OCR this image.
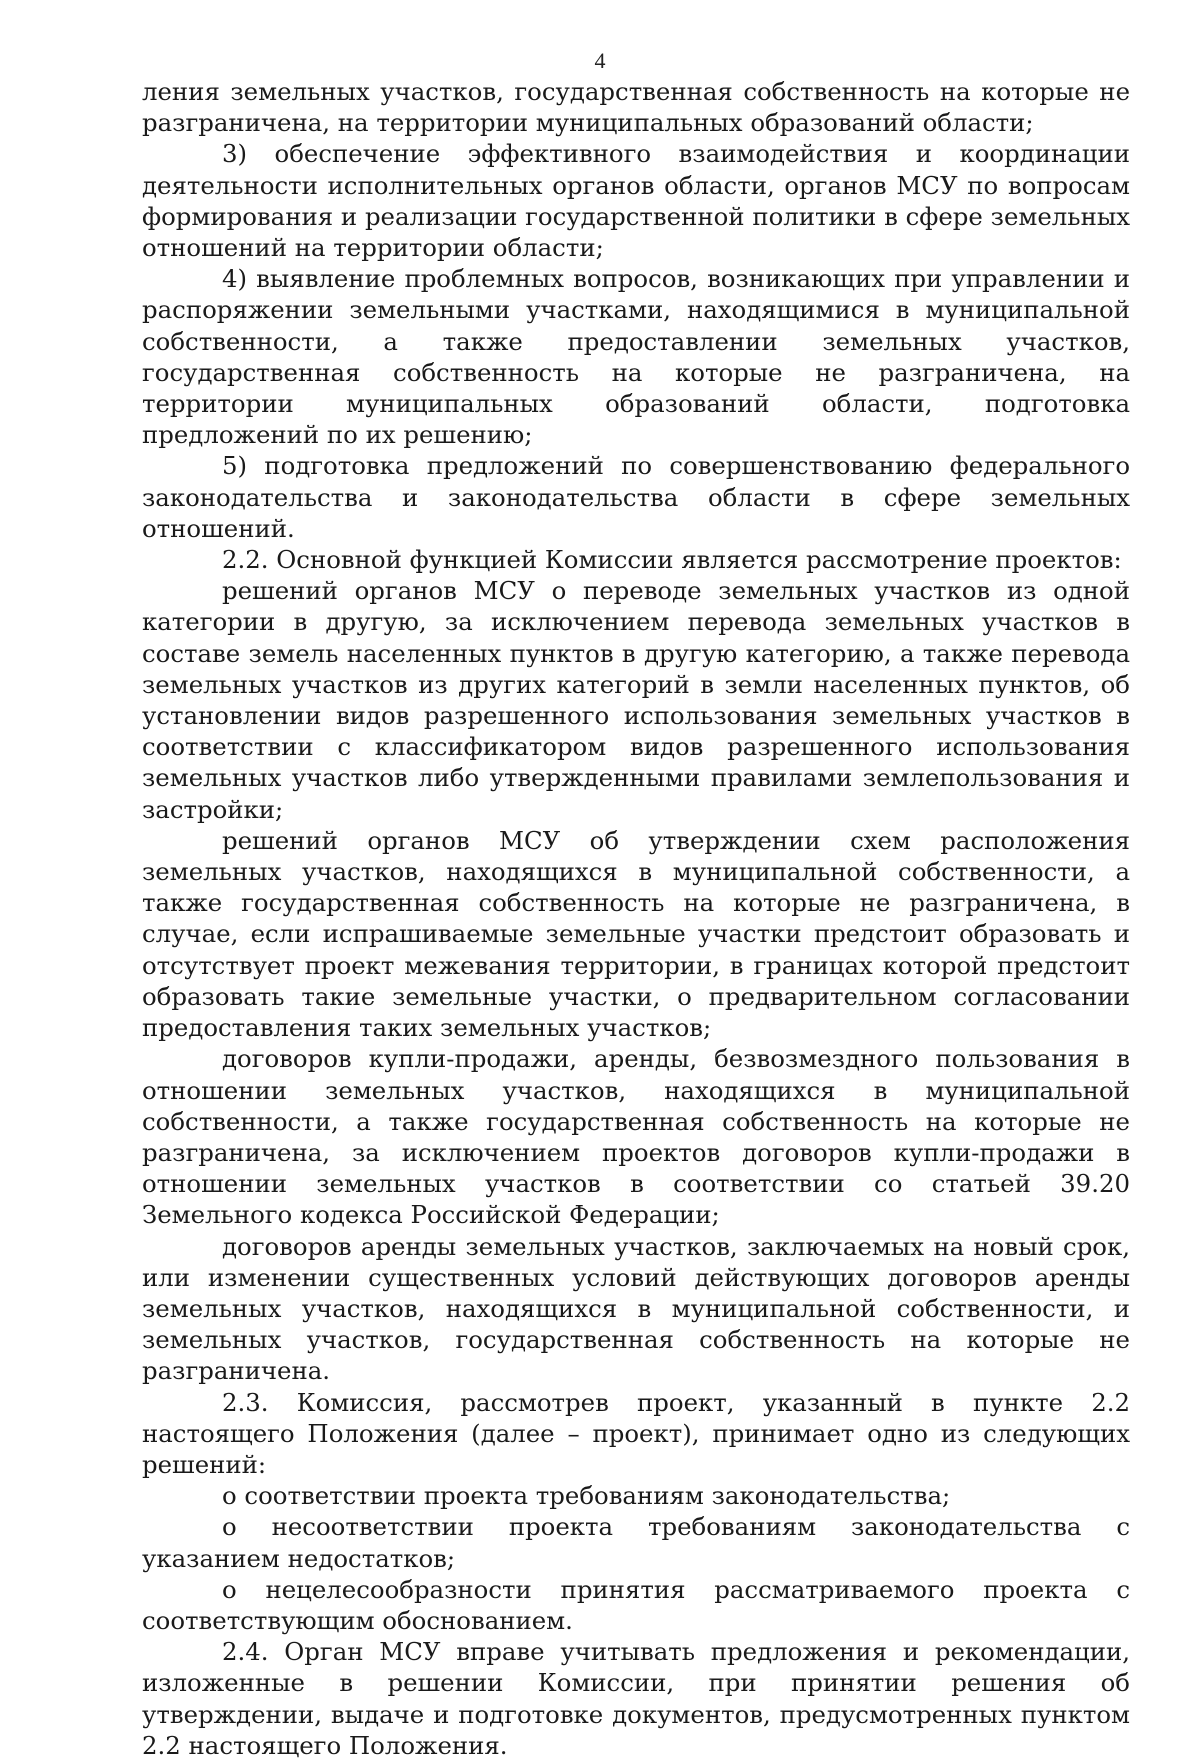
4

ления земельных участков, государственная собственность на которые не разграничена, на территории муниципальных образований области;

3) обеспечение эффективного взаимодействия и координации деятельности исполнительных органов области, органов МСУ по вопросам формирования и реализации государственной политики в сфере земельных отношений на территории области;

4) выявление проблемных вопросов, возникающих при управлении и распоряжении земельными участками, находящимися в муниципальной собственности, а также предоставлении земельных участков, государственная собственность на которые не разграничена, на территории муниципальных образований области, подготовка предложений по их решению;

5) подготовка предложений по совершенствованию федерального законодательства и законодательства области в сфере земельных отношений.

2.2. Основной функцией Комиссии является рассмотрение проектов:

решений органов МСУ о переводе земельных участков из одной категории в другую, за исключением перевода земельных участков в составе земель населенных пунктов в другую категорию, а также перевода земельных участков из других категорий в земли населенных пунктов, об установлении видов разрешенного использования земельных участков в соответствии с классификатором видов разрешенного использования земельных участков либо утвержденными правилами землепользования и застройки;

решений органов МСУ об утверждении схем расположения земельных участков, находящихся в муниципальной собственности, а также государственная собственность на которые не разграничена, в случае, если испрашиваемые земельные участки предстоит образовать и отсутствует проект межевания территории, в границах которой предстоит образовать такие земельные участки, о предварительном согласовании предоставления таких земельных участков;

договоров купли-продажи, аренды, безвозмездного пользования в отношении земельных участков, находящихся в муниципальной собственности, а также государственная собственность на которые не разграничена, за исключением проектов договоров купли-продажи в отношении земельных участков в соответствии со статьей 39.20 Земельного кодекса Российской Федерации;

договоров аренды земельных участков, заключаемых на новый срок, или изменении существенных условий действующих договоров аренды земельных участков, находящихся в муниципальной собственности, и земельных участков, государственная собственность на которые не разграничена.

2.3. Комиссия, рассмотрев проект, указанный в пункте 2.2 настоящего Положения (далее – проект), принимает одно из следующих решений:

о соответствии проекта требованиям законодательства;

о несоответствии проекта требованиям законодательства с указанием недостатков;

о нецелесообразности принятия рассматриваемого проекта с соответствующим обоснованием.

2.4. Орган МСУ вправе учитывать предложения и рекомендации, изложенные в решении Комиссии, при принятии решения об утверждении, выдаче и подготовке документов, предусмотренных пунктом 2.2 настоящего Положения.
